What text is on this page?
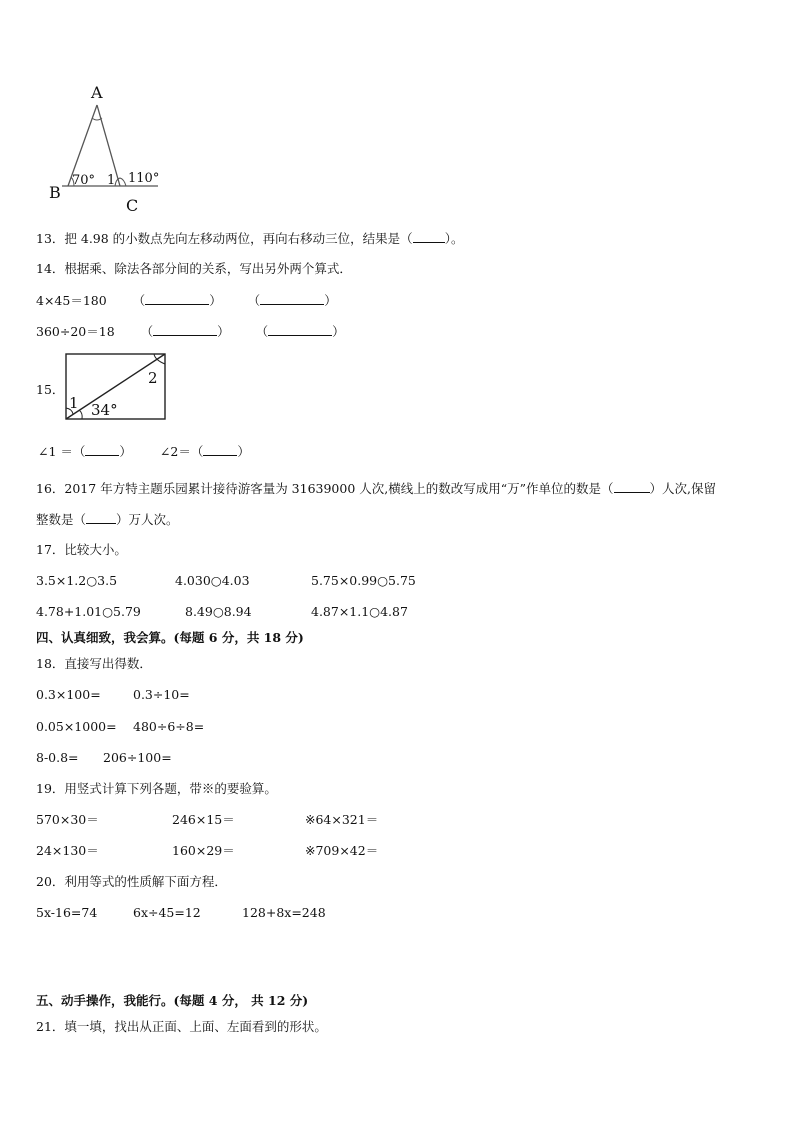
A
B
C
70° 1 110°
13．把 4.98 的小数点先向左移动两位，再向右移动三位，结果是（	）。
14．根据乘、除法各部分间的关系，写出另外两个算式．
4×45＝180 （	） （	）
360÷20＝18 （	） （	）
15．
1
2
34°
∠1 ＝（	） ∠2＝（	）
16．2017 年方特主题乐园累计接待游客量为 31639000 人次,横线上的数改写成用“万”作单位的数是（	）人次,保留
整数是（ ）万人次。
17．比较大小。
3.5×1.2○3.5	4.030○4.03	5.75×0.99○5.75
4.78+1.01○5.79	8.49○8.94	4.87×1.1○4.87
四、认真细致，我会算。(每题 6 分，共 18 分)
18．直接写出得数．
0.3×100=	0.3÷10=
0.05×1000= 480÷6÷8=
8-0.8= 206÷100=
19．用竖式计算下列各题，带※的要验算。
570×30＝	246×15＝	※64×321＝
24×130＝	160×29＝	※709×42＝
20．利用等式的性质解下面方程．
5x-16=74	6x÷45=12	128+8x=248
五、动手操作，我能行。(每题 4 分， 共 12 分)
21．填一填，找出从正面、上面、左面看到的形状。
